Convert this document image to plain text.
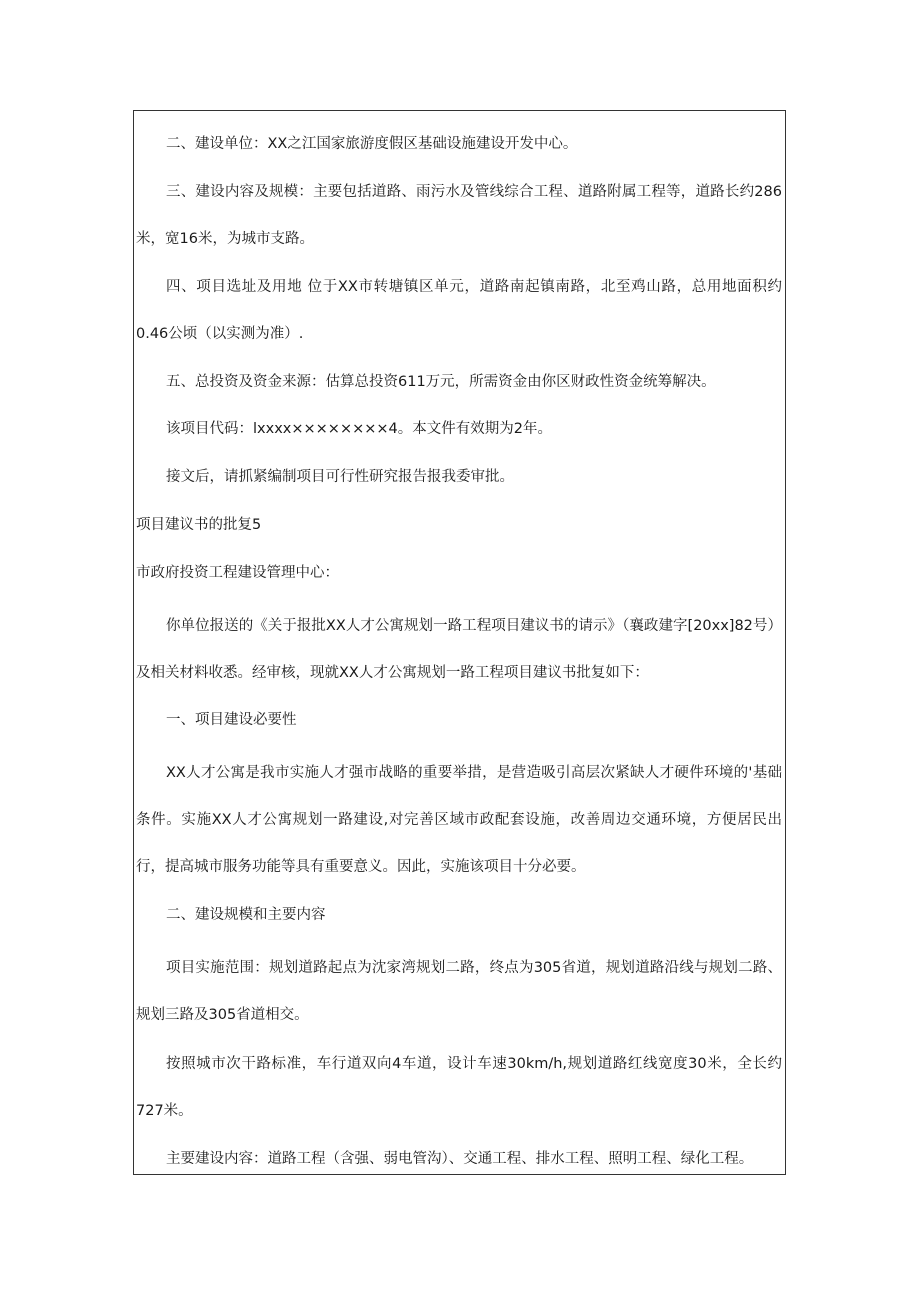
二、建设单位：XX之江国家旅游度假区基础设施建设开发中心。

三、建设内容及规模：主要包括道路、雨污水及管线综合工程、道路附属工程等，道路长约286米，宽16米，为城市支路。

四、项目选址及用地 位于XX市转塘镇区单元，道路南起镇南路，北至鸡山路，总用地面积约0.46公顷（以实测为准）.

五、总投资及资金来源：估算总投资611万元，所需资金由你区财政性资金统筹解决。

该项目代码：lxxxx××××××××4。本文件有效期为2年。

接文后，请抓紧编制项目可行性研究报告报我委审批。

项目建议书的批复5

市政府投资工程建设管理中心：

你单位报送的《关于报批XX人才公寓规划一路工程项目建议书的请示》（襄政建字[20xx]82号）及相关材料收悉。经审核，现就XX人才公寓规划一路工程项目建议书批复如下：

一、项目建设必要性

XX人才公寓是我市实施人才强市战略的重要举措，是营造吸引高层次紧缺人才硬件环境的'基础条件。实施XX人才公寓规划一路建设,对完善区域市政配套设施，改善周边交通环境，方便居民出行，提高城市服务功能等具有重要意义。因此，实施该项目十分必要。

二、建设规模和主要内容

项目实施范围：规划道路起点为沈家湾规划二路，终点为305省道，规划道路沿线与规划二路、规划三路及305省道相交。

按照城市次干路标准，车行道双向4车道，设计车速30km/h,规划道路红线宽度30米，全长约727米。

主要建设内容：道路工程（含强、弱电管沟）、交通工程、排水工程、照明工程、绿化工程。
